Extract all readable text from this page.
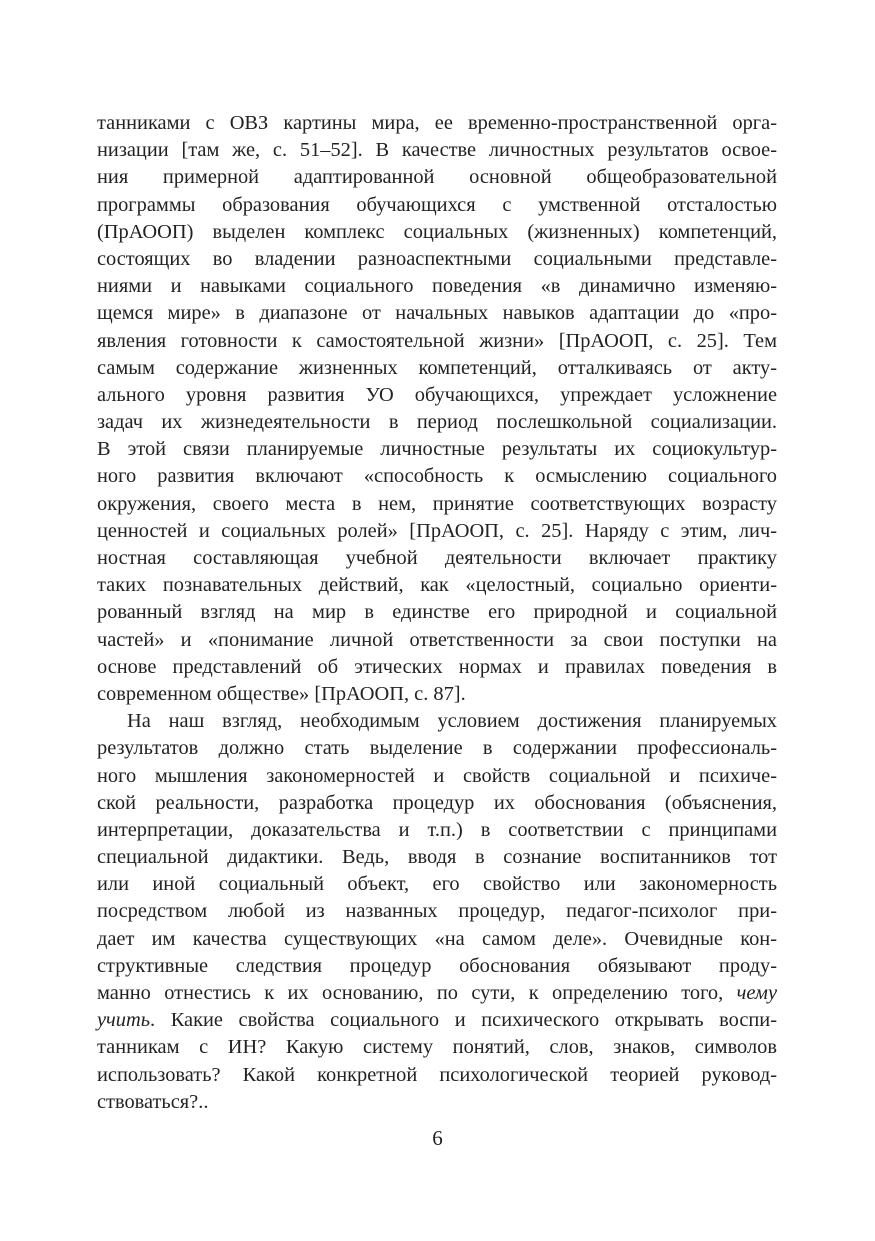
танниками с ОВЗ картины мира, ее временно-пространственной орга-
низации [там же, с. 51–52]. В качестве личностных результатов освое-
ния примерной адаптированной основной общеобразовательной
программы образования обучающихся с умственной отсталостью
(ПрАООП) выделен комплекс социальных (жизненных) компетенций,
состоящих во владении разноаспектными социальными представле-
ниями и навыками социального поведения «в динамично изменяю-
щемся мире» в диапазоне от начальных навыков адаптации до «про-
явления готовности к самостоятельной жизни» [ПрАООП, с. 25]. Тем
самым содержание жизненных компетенций, отталкиваясь от акту-
ального уровня развития УО обучающихся, упреждает усложнение
задач их жизнедеятельности в период послешкольной социализации.
В этой связи планируемые личностные результаты их социокультур-
ного развития включают «способность к осмыслению социального
окружения, своего места в нем, принятие соответствующих возрасту
ценностей и социальных ролей» [ПрАООП, с. 25]. Наряду с этим, лич-
ностная составляющая учебной деятельности включает практику
таких познавательных действий, как «целостный, социально ориенти-
рованный взгляд на мир в единстве его природной и социальной
частей» и «понимание личной ответственности за свои поступки на
основе представлений об этических нормах и правилах поведения в
современном обществе» [ПрАООП, с. 87].
На наш взгляд, необходимым условием достижения планируемых
результатов должно стать выделение в содержании профессиональ-
ного мышления закономерностей и свойств социальной и психиче-
ской реальности, разработка процедур их обоснования (объяснения,
интерпретации, доказательства и т.п.) в соответствии с принципами
специальной дидактики. Ведь, вводя в сознание воспитанников тот
или иной социальный объект, его свойство или закономерность
посредством любой из названных процедур, педагог-психолог при-
дает им качества существующих «на самом деле». Очевидные кон-
структивные следствия процедур обоснования обязывают проду-
манно отнестись к их основанию, по сути, к определению того, чему
учить. Какие свойства социального и психического открывать воспи-
танникам с ИН? Какую систему понятий, слов, знаков, символов
использовать? Какой конкретной психологической теорией руковод-
ствоваться?..
6
